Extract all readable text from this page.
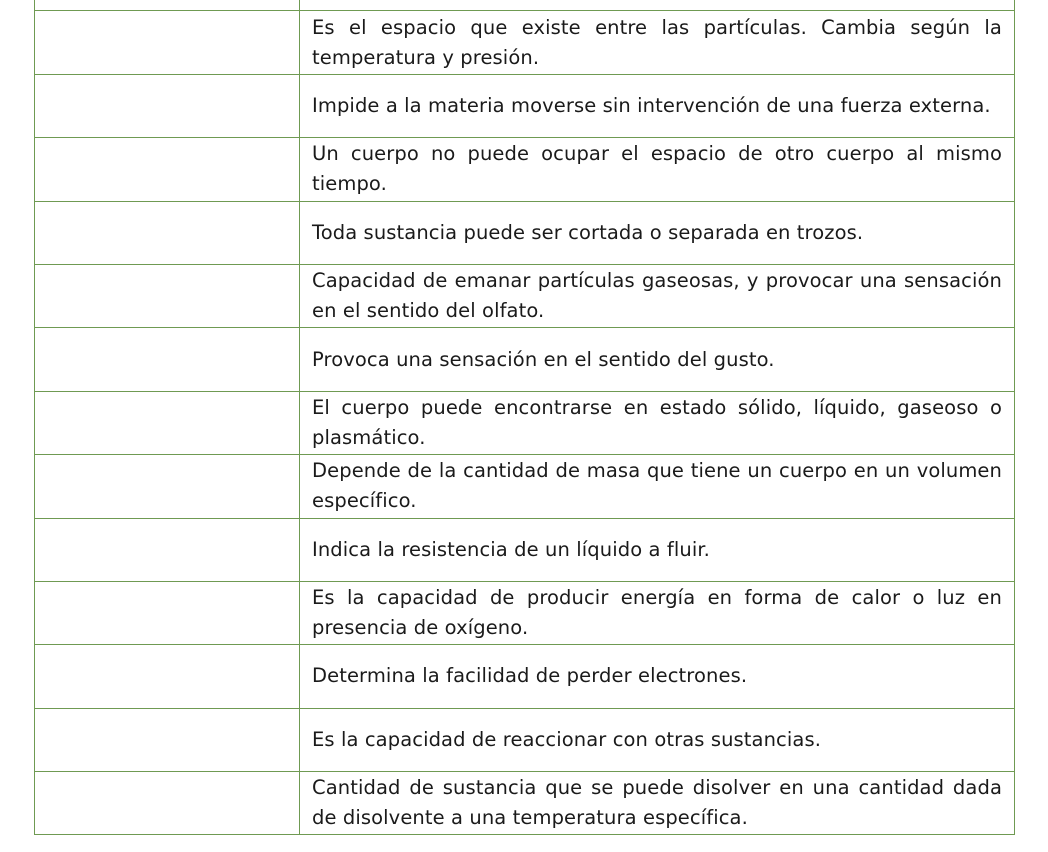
	Es el espacio que existe entre las partículas. Cambia según la temperatura y presión.

	Impide a la materia moverse sin intervención de una fuerza externa.

	Un cuerpo no puede ocupar el espacio de otro cuerpo al mismo tiempo.

	Toda sustancia puede ser cortada o separada en trozos.

	Capacidad de emanar partículas gaseosas, y provocar una sensación en el sentido del olfato.

	Provoca una sensación en el sentido del gusto.

	El cuerpo puede encontrarse en estado sólido, líquido, gaseoso o plasmático.

	Depende de la cantidad de masa que tiene un cuerpo en un volumen específico.

	Indica la resistencia de un líquido a fluir.

	Es la capacidad de producir energía en forma de calor o luz en presencia de oxígeno.

	Determina la facilidad de perder electrones.

	Es la capacidad de reaccionar con otras sustancias.

	Cantidad de sustancia que se puede disolver en una cantidad dada de disolvente a una temperatura específica.
